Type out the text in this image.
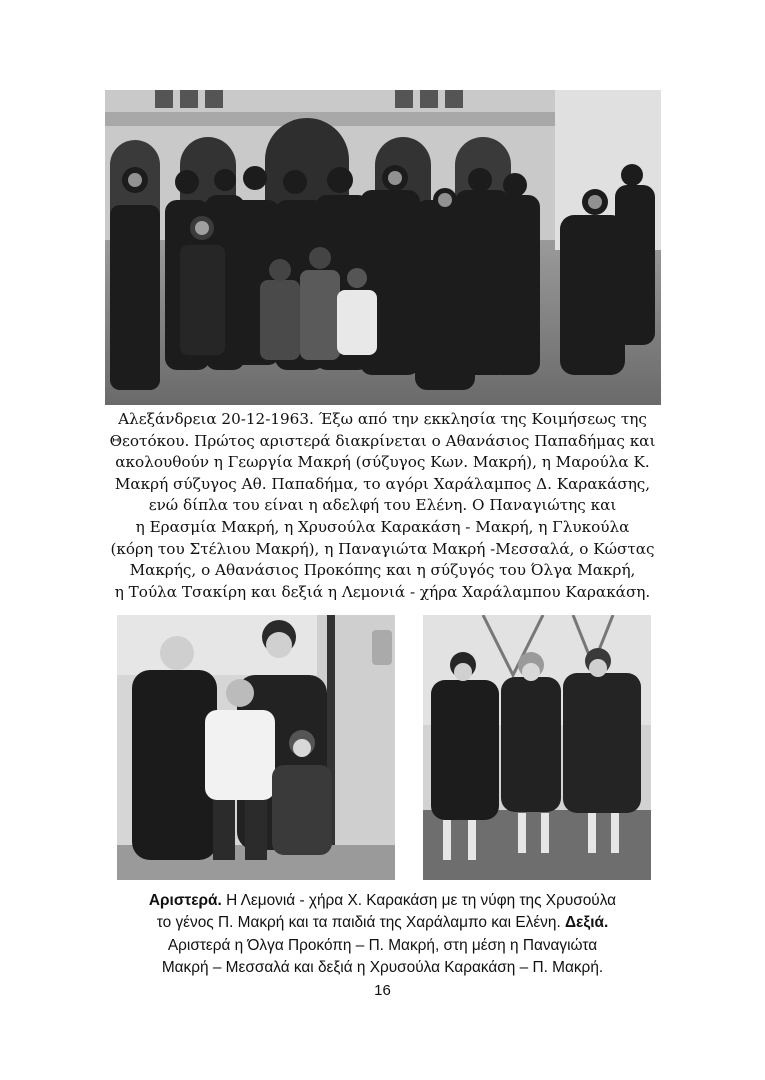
Αλεξάνδρεια 20-12-1963. Έξω από την εκκλησία της Κοιμήσεως της
Θεοτόκου. Πρώτος αριστερά διακρίνεται ο Αθανάσιος Παπαδήμας και
ακολουθούν η Γεωργία Μακρή (σύζυγος Κων. Μακρή), η Μαρούλα Κ.
Μακρή σύζυγος Αθ. Παπαδήμα, το αγόρι Χαράλαμπος Δ. Καρακάσης,
ενώ δίπλα του είναι η αδελφή του Ελένη. Ο Παναγιώτης και
η Ερασμία Μακρή, η Χρυσούλα Καρακάση - Μακρή, η Γλυκούλα
(κόρη του Στέλιου Μακρή), η Παναγιώτα Μακρή -Μεσσαλά, ο Κώστας
Μακρής, ο Αθανάσιος Προκόπης και η σύζυγός του Όλγα Μακρή,
η Τούλα Τσακίρη και δεξιά η Λεμονιά - χήρα Χαράλαμπου Καρακάση.
Αριστερά. Η Λεμονιά - χήρα Χ. Καρακάση με τη νύφη της Χρυσούλα
το γένος Π. Μακρή και τα παιδιά της Χαράλαμπο και Ελένη. Δεξιά.
Αριστερά η Όλγα Προκόπη – Π. Μακρή, στη μέση η Παναγιώτα
Μακρή – Μεσσαλά και δεξιά η Χρυσούλα Καρακάση – Π. Μακρή.
16
